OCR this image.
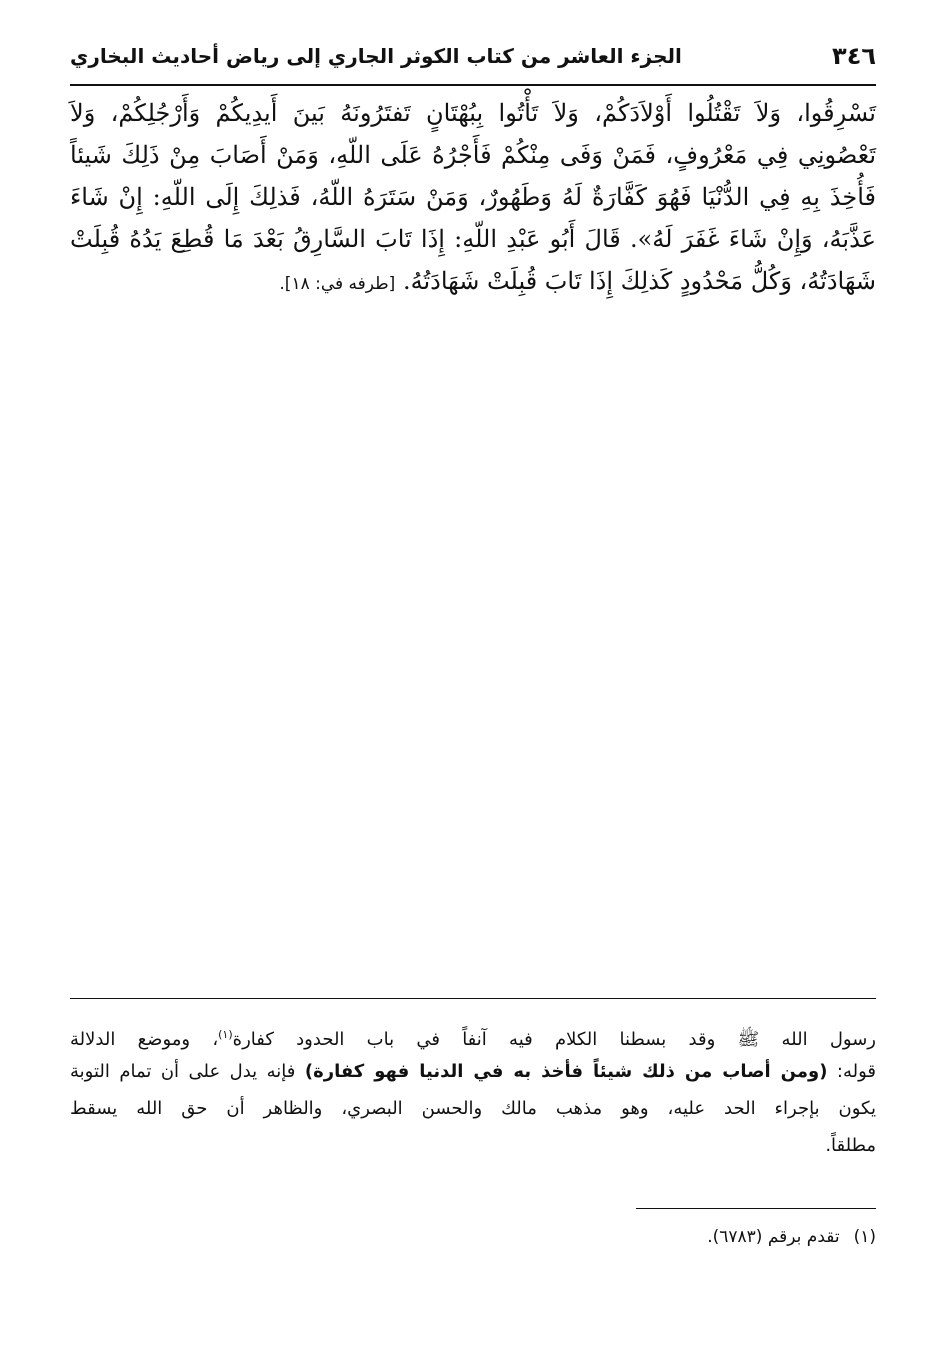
٣٤٦
الجزء العاشر من كتاب الكوثر الجاري إلى رياض أحاديث البخاري
تَسْرِقُوا، وَلاَ تَقْتُلُوا أَوْلاَدَكُمْ، وَلاَ تَأْتُوا بِبُهْتَانٍ تَفتَرُونَهُ بَينَ أَيدِيكُمْ وَأَرْجُلِكُمْ، وَلاَ
تَعْصُونِي فِي مَعْرُوفٍ، فَمَنْ وَفَى مِنْكُمْ فَأَجْرُهُ عَلَى اللّهِ، وَمَنْ أَصَابَ مِنْ ذَلِكَ شَيئاً
فَأُخِذَ بِهِ فِي الدُّنْيَا فَهُوَ كَفَّارَةٌ لَهُ وَطَهُورٌ، وَمَنْ سَتَرَهُ اللّهُ، فَذلِكَ إِلَى اللّهِ: إِنْ شَاءَ
عَذَّبَهُ، وَإِنْ شَاءَ غَفَرَ لَهُ». قَالَ أَبُو عَبْدِ اللّهِ: إِذَا تَابَ السَّارِقُ بَعْدَ مَا قُطِعَ يَدُهُ قُبِلَتْ
شَهَادَتُهُ، وَكُلُّ مَحْدُودٍ كَذلِكَ إِذَا تَابَ قُبِلَتْ شَهَادَتُهُ. [طرفه في: ١٨].
رسول الله ﷺ وقد بسطنا الكلام فيه آنفاً في باب الحدود كفارة$^{(١)}$، وموضع الدلالة
قوله: (ومن أصاب من ذلك شيئاً فأخذ به في الدنيا فهو كفارة) فإنه يدل على أن تمام التوبة
يكون بإجراء الحد عليه، وهو مذهب مالك والحسن البصري، والظاهر أن حق الله يسقط
مطلقاً.
(١)تقدم برقم (٦٧٨٣).
